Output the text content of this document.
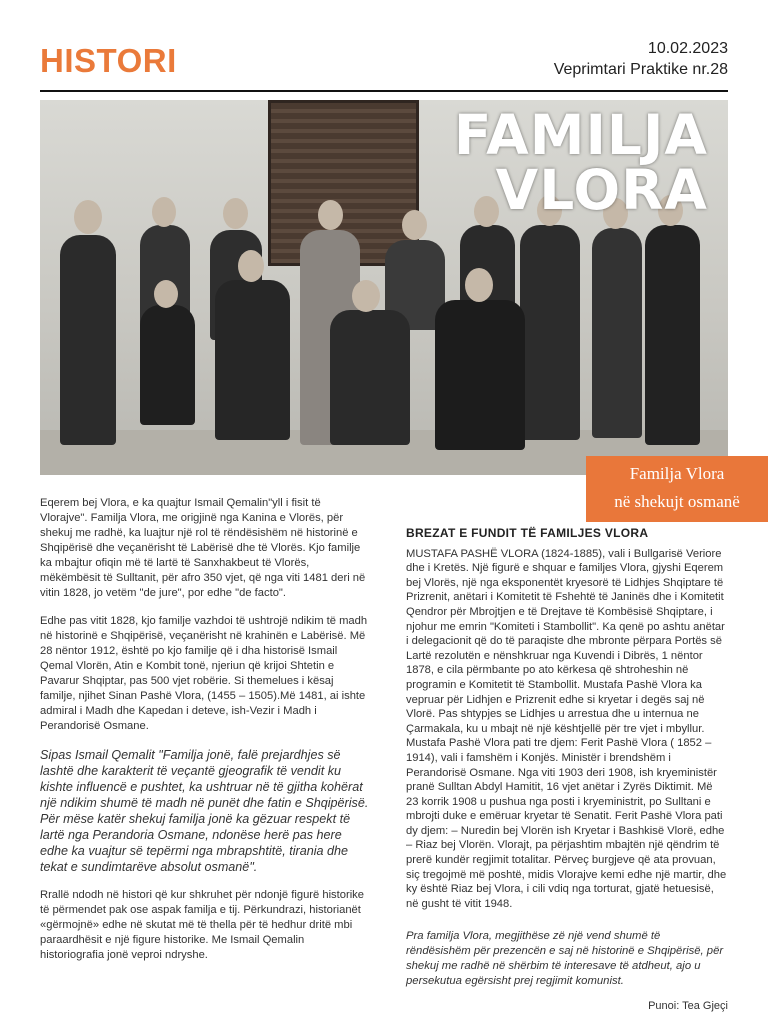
HISTORI	10.02.2023
Veprimtari Praktike nr.28
FAMILJA
VLORA
Familja Vlora
në shekujt osmanë

Eqerem bej Vlora, e ka quajtur Ismail Qemalin"yll i fisit të Vlorajve". Familja Vlora, me origjinë nga Kanina e Vlorës, për shekuj me radhë, ka luajtur një rol të rëndësishëm në historinë e Shqipërisë dhe veçanërisht të Labërisë dhe të Vlorës. Kjo familje ka mbajtur ofiqin më të lartë të Sanxhakbeut të Vlorës, mëkëmbësit të Sulltanit, për afro 350 vjet, që nga viti 1481 deri në vitin 1828, jo vetëm "de jure", por edhe "de facto".

Edhe pas vitit 1828, kjo familje vazhdoi të ushtrojë ndikim të madh në historinë e Shqipërisë, veçanërisht në krahinën e Labërisë. Më 28 nëntor 1912, është po kjo familje që i dha historisë Ismail Qemal Vlorën, Atin e Kombit tonë, njeriun që krijoi Shtetin e Pavarur Shqiptar, pas 500 vjet robërie. Si themelues i kësaj familje, njihet Sinan Pashë Vlora, (1455 – 1505).Më 1481, ai ishte admiral i Madh dhe Kapedan i deteve, ish-Vezir i Madh i Perandorisë Osmane.

Sipas Ismail Qemalit "Familja jonë, falë prejardhjes së lashtë dhe karakterit të veçantë gjeografik të vendit ku kishte influencë e pushtet, ka ushtruar në të gjitha kohërat një ndikim shumë të madh në punët dhe fatin e Shqipërisë. Për mëse katër shekuj familja jonë ka gëzuar respekt të lartë nga Perandoria Osmane, ndonëse herë pas here edhe ka vuajtur së tepërmi nga mbrapshtitë, tirania dhe tekat e sundimtarëve absolut osmanë".

Rrallë ndodh në histori që kur shkruhet për ndonjë figurë historike të përmendet pak ose aspak familja e tij. Përkundrazi, historianët «gërmojnë» edhe në skutat më të thella për të hedhur dritë mbi paraardhësit e një figure historike. Me Ismail Qemalin historiografia jonë veproi ndryshe.

BREZAT E FUNDIT TË FAMILJES VLORA

MUSTAFA PASHË VLORA (1824-1885), vali i Bullgarisë Veriore dhe i Kretës. Një figurë e shquar e familjes Vlora, gjyshi Eqerem bej Vlorës, një nga eksponentët kryesorë të Lidhjes Shqiptare të Prizrenit, anëtari i Komitetit të Fshehtë të Janinës dhe i Komitetit Qendror për Mbrojtjen e të Drejtave të Kombësisë Shqiptare, i njohur me emrin "Komiteti i Stambollit". Ka qenë po ashtu anëtar i delegacionit që do të paraqiste dhe mbronte përpara Portës së Lartë rezolutën e nënshkruar nga Kuvendi i Dibrës, 1 nëntor 1878, e cila përmbante po ato kërkesa që shtroheshin në programin e Komitetit të Stambollit. Mustafa Pashë Vlora ka vepruar për Lidhjen e Prizrenit edhe si kryetar i degës saj në Vlorë. Pas shtypjes se Lidhjes u arrestua dhe u internua ne Çarmakala, ku u mbajt në një kështjellë për tre vjet i mbyllur. Mustafa Pashë Vlora pati tre djem: Ferit Pashë Vlora ( 1852 – 1914), vali i famshëm i Konjës. Ministër i brendshëm i Perandorisë Osmane. Nga viti 1903 deri 1908, ish kryeministër pranë Sulltan Abdyl Hamitit, 16 vjet anëtar i Zyrës Diktimit. Më 23 korrik 1908 u pushua nga posti i kryeministrit, po Sulltani e mbrojti duke e emëruar kryetar të Senatit. Ferit Pashë Vlora pati dy djem: – Nuredin bej Vlorën ish Kryetar i Bashkisë Vlorë, edhe – Riaz bej Vlorën. Vlorajt, pa përjashtim mbajtën një qëndrim të prerë kundër regjimit totalitar. Përveç burgjeve që ata provuan, siç tregojmë më poshtë, midis Vlorajve kemi edhe një martir, dhe ky është Riaz bej Vlora, i cili vdiq nga torturat, gjatë hetuesisë, në gusht të vitit 1948.

Pra familja Vlora, megjithëse zë një vend shumë të rëndësishëm për prezencën e saj në historinë e Shqipërisë, për shekuj me radhë në shërbim të interesave të atdheut, ajo u persekutua egërsisht prej regjimit komunist.

Punoi: Tea Gjeçi
